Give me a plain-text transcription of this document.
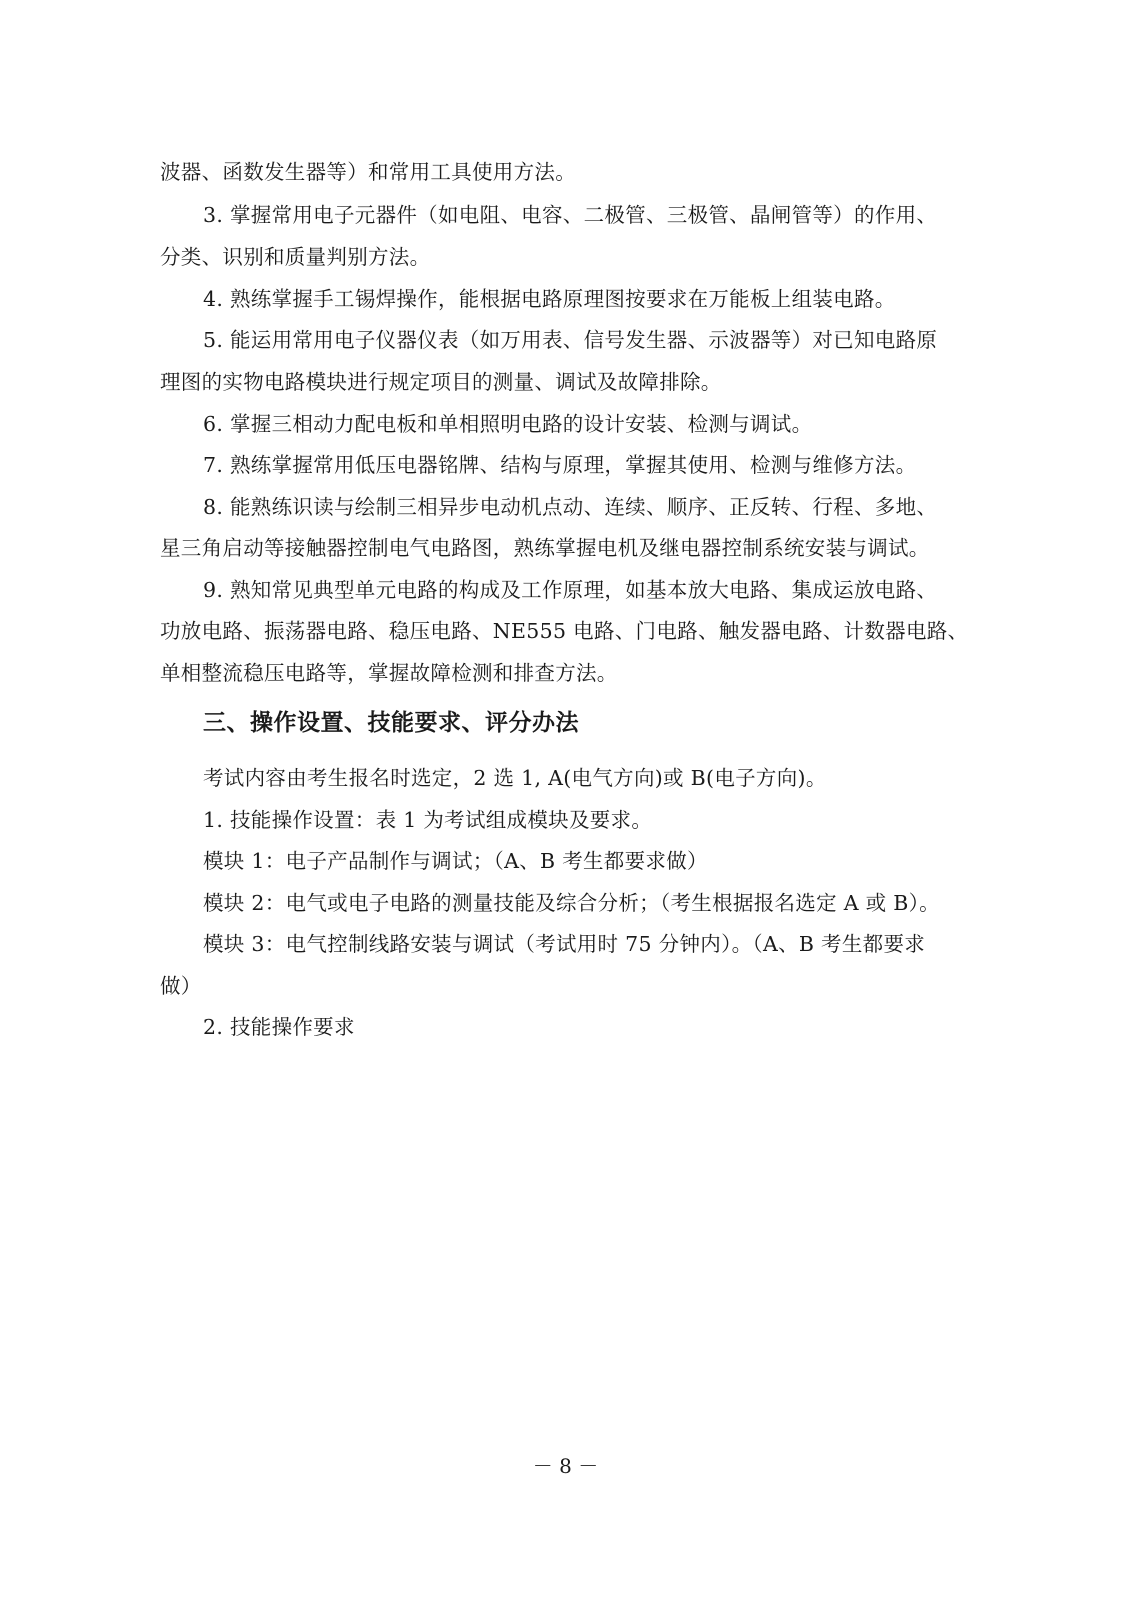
波器、函数发生器等）和常用工具使用方法。
3. 掌握常用电子元器件（如电阻、电容、二极管、三极管、晶闸管等）的作用、
分类、识别和质量判别方法。
4. 熟练掌握手工锡焊操作，能根据电路原理图按要求在万能板上组装电路。
5. 能运用常用电子仪器仪表（如万用表、信号发生器、示波器等）对已知电路原
理图的实物电路模块进行规定项目的测量、调试及故障排除。
6. 掌握三相动力配电板和单相照明电路的设计安装、检测与调试。
7. 熟练掌握常用低压电器铭牌、结构与原理，掌握其使用、检测与维修方法。
8. 能熟练识读与绘制三相异步电动机点动、连续、顺序、正反转、行程、多地、
星三角启动等接触器控制电气电路图，熟练掌握电机及继电器控制系统安装与调试。
9. 熟知常见典型单元电路的构成及工作原理，如基本放大电路、集成运放电路、
功放电路、振荡器电路、稳压电路、NE555 电路、门电路、触发器电路、计数器电路、
单相整流稳压电路等，掌握故障检测和排查方法。
三、操作设置、技能要求、评分办法
考试内容由考生报名时选定，2 选 1, A(电气方向)或 B(电子方向)。
1. 技能操作设置：表 1 为考试组成模块及要求。
模块 1：电子产品制作与调试；（A、B 考生都要求做）
模块 2：电气或电子电路的测量技能及综合分析；（考生根据报名选定 A 或 B）。
模块 3：电气控制线路安装与调试（考试用时 75 分钟内）。（A、B 考生都要求
做）
2. 技能操作要求
－ 8 －
